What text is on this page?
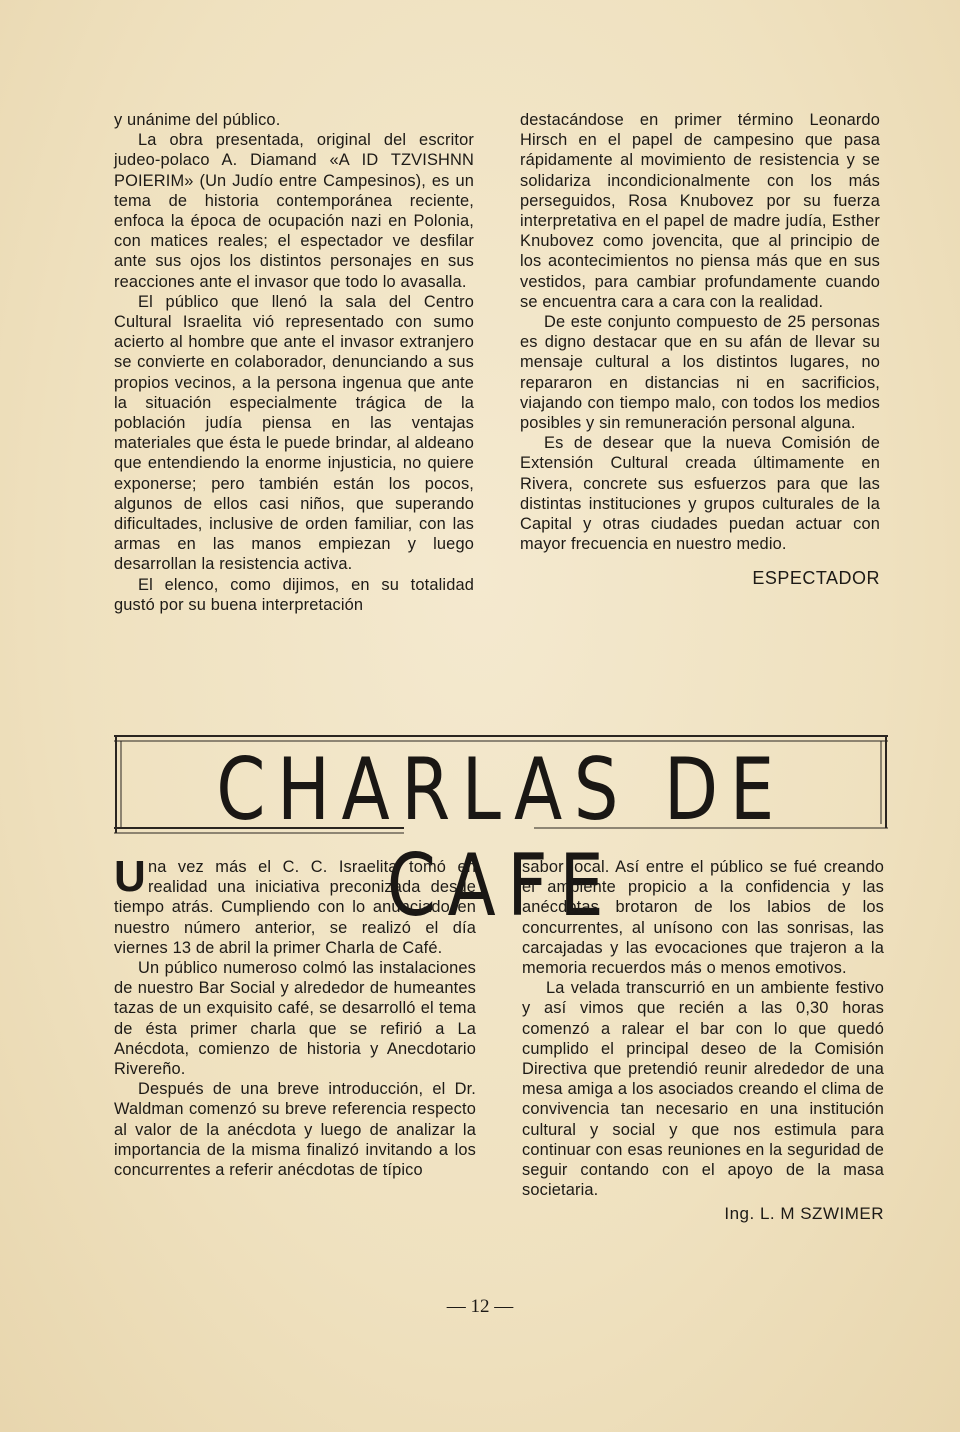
y unánime del público.

La obra presentada, original del escritor judeo-polaco A. Diamand «A ID TZVISHNN POIERIM» (Un Judío entre Campesinos), es un tema de historia contemporánea reciente, enfoca la época de ocupación nazi en Polonia, con matices reales; el espectador ve desfilar ante sus ojos los distintos personajes en sus reacciones ante el invasor que todo lo avasalla.

El público que llenó la sala del Centro Cultural Israelita vió representado con sumo acierto al hombre que ante el invasor extranjero se convierte en colaborador, denunciando a sus propios vecinos, a la persona ingenua que ante la situación especialmente trágica de la población judía piensa en las ventajas materiales que ésta le puede brindar, al aldeano que entendiendo la enorme injusticia, no quiere exponerse; pero también están los pocos, algunos de ellos casi niños, que superando dificultades, inclusive de orden familiar, con las armas en las manos empiezan y luego desarrollan la resistencia activa.

El elenco, como dijimos, en su totalidad gustó por su buena interpretación

destacándose en primer término Leonardo Hirsch en el papel de campesino que pasa rápidamente al movimiento de resistencia y se solidariza incondicionalmente con los más perseguidos, Rosa Knubovez por su fuerza interpretativa en el papel de madre judía, Esther Knubovez como jovencita, que al principio de los acontecimientos no piensa más que en sus vestidos, para cambiar profundamente cuando se encuentra cara a cara con la realidad.

De este conjunto compuesto de 25 personas es digno destacar que en su afán de llevar su mensaje cultural a los distintos lugares, no repararon en distancias ni en sacrificios, viajando con tiempo malo, con todos los medios posibles y sin remuneración personal alguna.

Es de desear que la nueva Comisión de Extensión Cultural creada últimamente en Rivera, concrete sus esfuerzos para que las distintas instituciones y grupos culturales de la Capital y otras ciudades puedan actuar con mayor frecuencia en nuestro medio.

ESPECTADOR

CHARLAS DE CAFE

Una vez más el C. C. Israelita tomó en realidad una iniciativa preconizada desde tiempo atrás. Cumpliendo con lo anunciado en nuestro número anterior, se realizó el día viernes 13 de abril la primer Charla de Café.

Un público numeroso colmó las instalaciones de nuestro Bar Social y alrededor de humeantes tazas de un exquisito café, se desarrolló el tema de ésta primer charla que se refirió a La Anécdota, comienzo de historia y Anecdotario Rivereño.

Después de una breve introducción, el Dr. Waldman comenzó su breve referencia respecto al valor de la anécdota y luego de analizar la importancia de la misma finalizó invitando a los concurrentes a referir anécdotas de típico

sabor local. Así entre el público se fué creando el ambiente propicio a la confidencia y las anécdotas brotaron de los labios de los concurrentes, al unísono con las sonrisas, las carcajadas y las evocaciones que trajeron a la memoria recuerdos más o menos emotivos.

La velada transcurrió en un ambiente festivo y así vimos que recién a las 0,30 horas comenzó a ralear el bar con lo que quedó cumplido el principal deseo de la Comisión Directiva que pretendió reunir alrededor de una mesa amiga a los asociados creando el clima de convivencia tan necesario en una institución cultural y social y que nos estimula para continuar con esas reuniones en la seguridad de seguir contando con el apoyo de la masa societaria.

Ing. L. M SZWIMER

— 12 —
